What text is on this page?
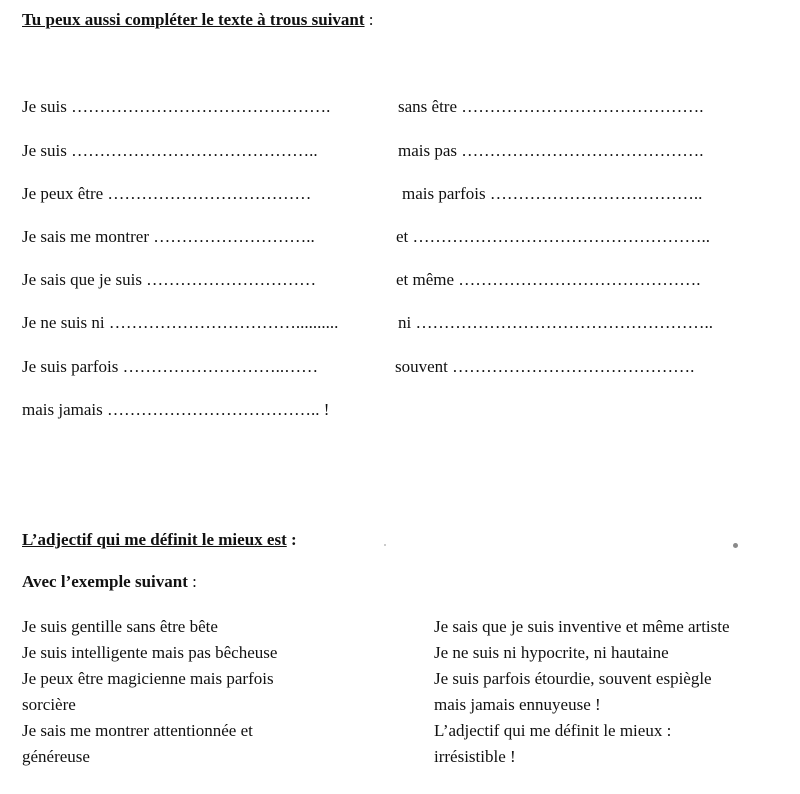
Tu peux aussi compléter le texte à trous suivant :
Je suis ……………………………………….	sans être …………………………………….
Je suis ……………………………………..	mais pas …………………………………….
Je peux être ………………………………	mais parfois ………………………………..
Je sais me montrer ………………………..	et ……………………………………………..
Je sais que je suis …………………………	et même …………………………………….
Je ne suis ni ……………………………..........	ni ……………………………………………..
Je suis parfois ………………………..……	souvent …………………………………….
mais jamais ……………………………….. !
L’adjectif qui me définit le mieux est :
Avec l’exemple suivant :
Je suis gentille sans être bête
Je suis intelligente mais pas bêcheuse
Je peux être magicienne mais parfois
sorcière
Je sais me montrer attentionnée et
généreuse
Je sais que je suis inventive et même artiste
Je ne suis ni hypocrite, ni hautaine
Je suis parfois étourdie, souvent espiègle
mais jamais ennuyeuse !
L’adjectif qui me définit le mieux :
irrésistible !
